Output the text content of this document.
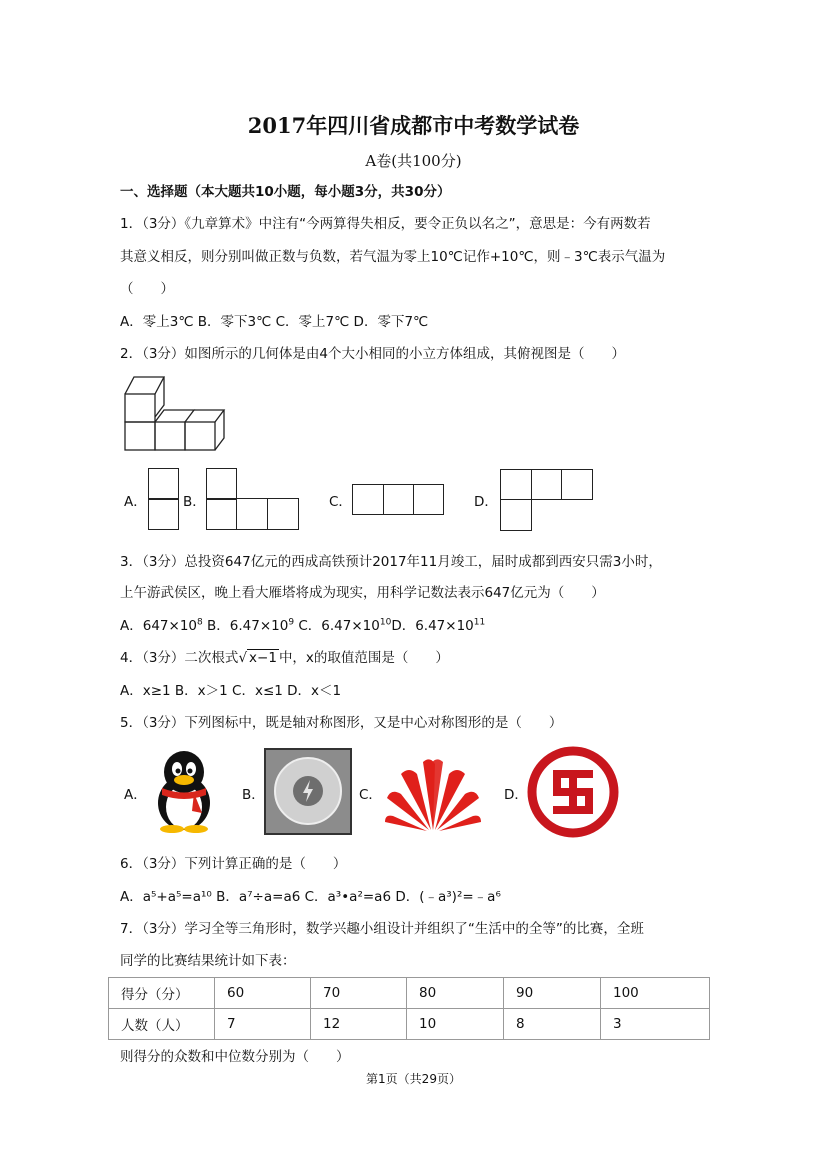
2017年四川省成都市中考数学试卷
A卷(共100分)
一、选择题（本大题共10小题，每小题3分，共30分）
1．（3分）《九章算术》中注有“今两算得失相反，要令正负以名之”，意思是：今有两数若
其意义相反，则分别叫做正数与负数，若气温为零上10℃记作+10℃，则﹣3℃表示气温为
（　　）
A．零上3℃ B．零下3℃ C．零上7℃ D．零下7℃
2．（3分）如图所示的几何体是由4个大小相同的小立方体组成，其俯视图是（　　）
A．	B．	C．	D．
3．（3分）总投资647亿元的西成高铁预计2017年11月竣工，届时成都到西安只需3小时，
上午游武侯区，晚上看大雁塔将成为现实，用科学记数法表示647亿元为（　　）
A．$647\times 10^8$ B．$6.47\times 10^9$ C．$6.47\times 10^{10}D$．$6.47\times 10^{11}$
4．（3分）二次根式√ x−1 中，x的取值范围是（　　）
A．x≥1 B．x＞1 C．x≤1 D．x＜1
5．（3分）下列图标中，既是轴对称图形，又是中心对称图形的是（　　）
A．	B．	C．	D．
6．（3分）下列计算正确的是（　　）
A．a⁵+a⁵=a¹⁰ B．a⁷÷a=a6 C．a³•a²=a6 D．(﹣a³)²=﹣a⁶
7．（3分）学习全等三角形时，数学兴趣小组设计并组织了“生活中的全等”的比赛，全班
同学的比赛结果统计如下表：
得分（分）	60	70	80	90	100
人数（人）	7	12	10	8	3
则得分的众数和中位数分别为（　　）
第1页（共29页）
